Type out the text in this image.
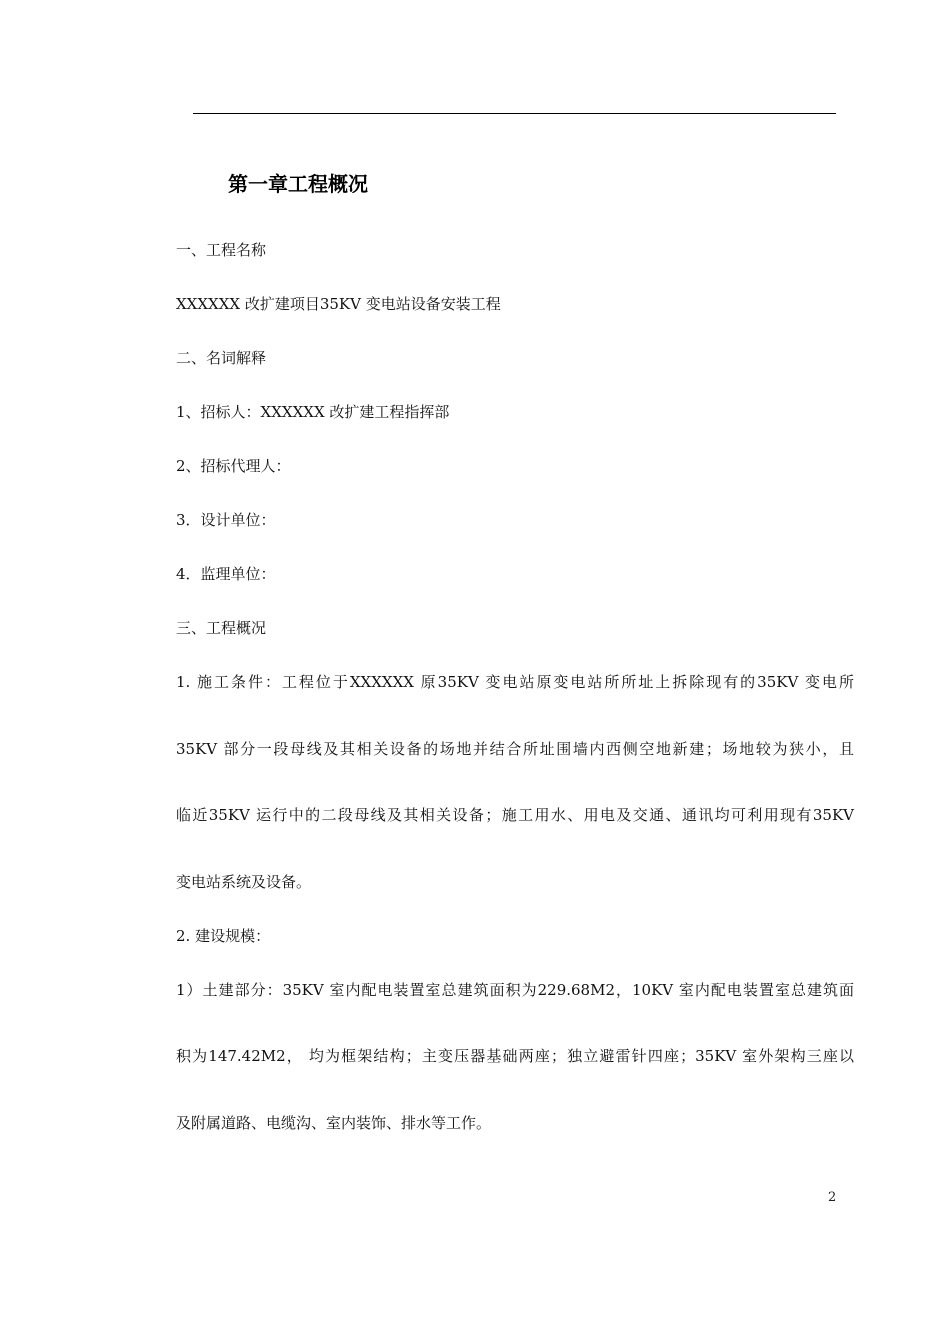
第一章工程概况
一、工程名称
XXXXXX 改扩建项目35KV 变电站设备安装工程
二、名词解释
1、招标人：XXXXXX 改扩建工程指挥部
2、招标代理人：
3．设计单位：
4．监理单位：
三、工程概况
1. 施工条件：工程位于XXXXXX 原35KV 变电站原变电站所所址上拆除现有的35KV 变电所
35KV 部分一段母线及其相关设备的场地并结合所址围墙内西侧空地新建；场地较为狭小，且
临近35KV 运行中的二段母线及其相关设备；施工用水、用电及交通、通讯均可利用现有35KV
变电站系统及设备。
2. 建设规模：
1）土建部分：35KV 室内配电装置室总建筑面积为229.68M2，10KV 室内配电装置室总建筑面
积为147.42M2， 均为框架结构；主变压器基础两座；独立避雷针四座；35KV 室外架构三座以
及附属道路、电缆沟、室内装饰、排水等工作。
2
